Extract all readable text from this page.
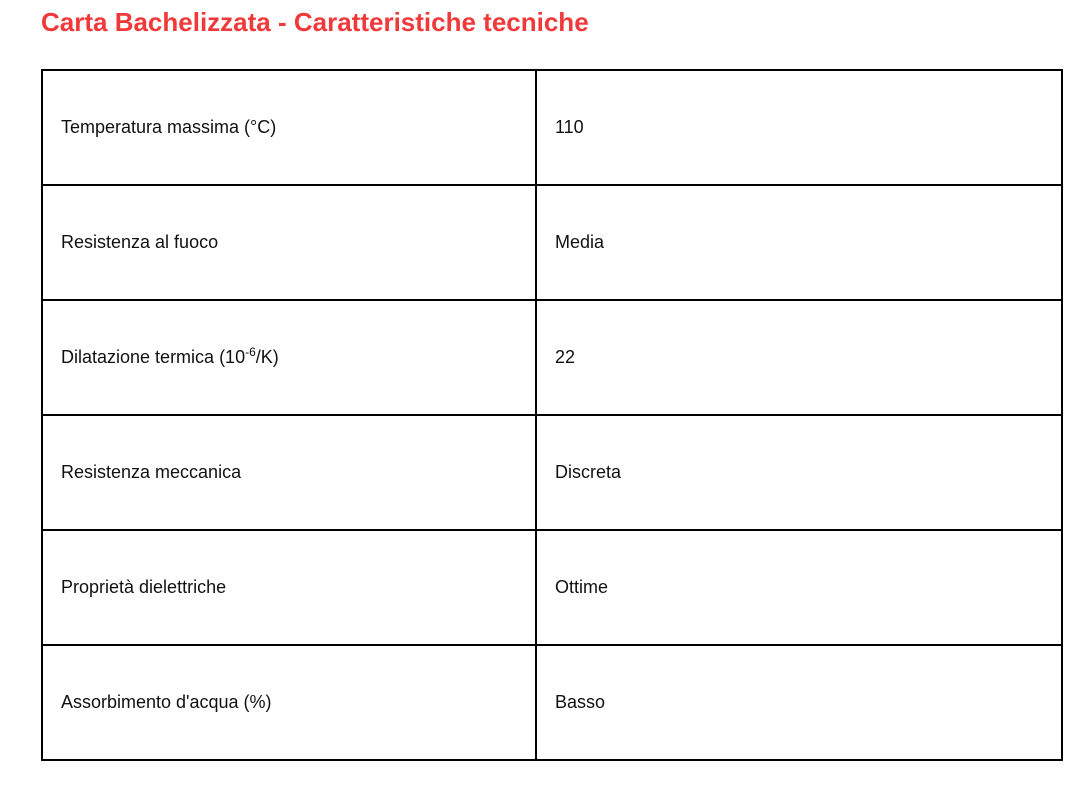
Carta Bachelizzata - Caratteristiche tecniche
Temperatura massima (°C)	110
Resistenza al fuoco	Media
Dilatazione termica $(10^{-6}/K)$	22
Resistenza meccanica	Discreta
Proprietà dielettriche	Ottime
Assorbimento d'acqua (%)	Basso
